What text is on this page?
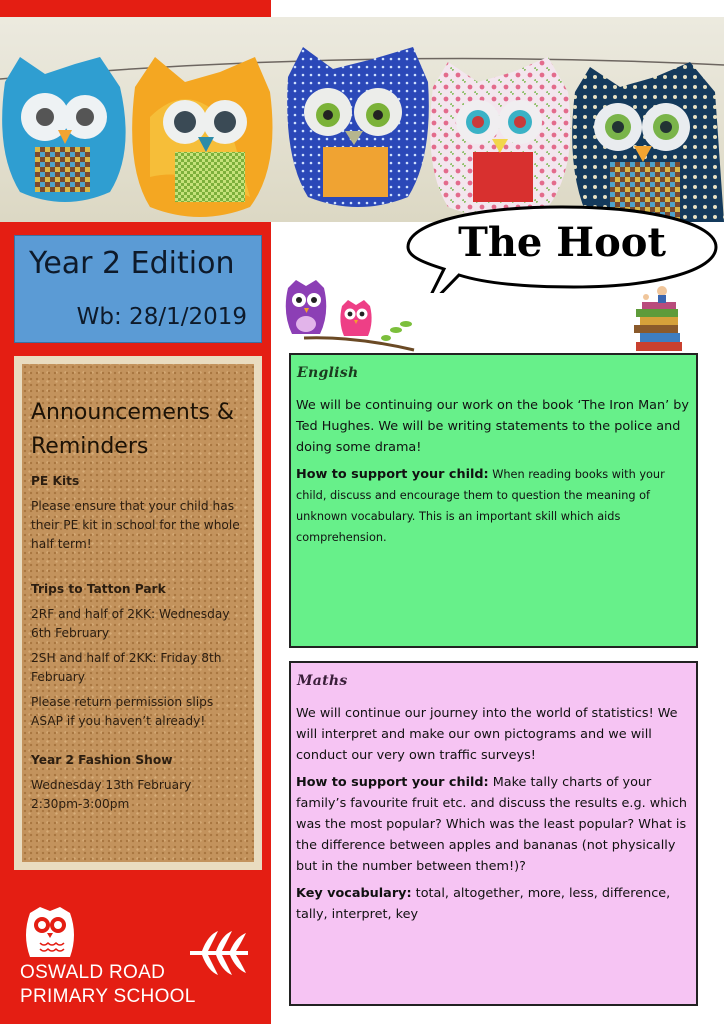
Year 2 Edition
Wb: 28/1/2019
Announcements & Reminders
PE Kits

Please ensure that your child has their PE kit in school for the whole half term!

Trips to Tatton Park

2RF and half of 2KK: Wednesday 6th February

2SH and half of 2KK: Friday 8th February

Please return permission slips ASAP if you haven’t already!

Year 2 Fashion Show

Wednesday 13th February 2:30pm-3:00pm

The Hoot
English

We will be continuing our work on the book ‘The Iron Man’ by Ted Hughes. We will be writing statements to the police and doing some drama!

How to support your child: When reading books with your child, discuss and encourage them to question the meaning of unknown vocabulary. This is an important skill which aids comprehension.

Maths

We will continue our journey into the world of statistics! We will interpret and make our own pictograms and we will conduct our very own traffic surveys!

How to support your child: Make tally charts of your family’s favourite fruit etc. and discuss the results e.g. which was the most popular? Which was the least popular? What is the difference between apples and bananas (not physically but in the number between them!)?

Key vocabulary: total, altogether, more, less, difference, tally, interpret, key

OSWALD ROAD
PRIMARY SCHOOL
